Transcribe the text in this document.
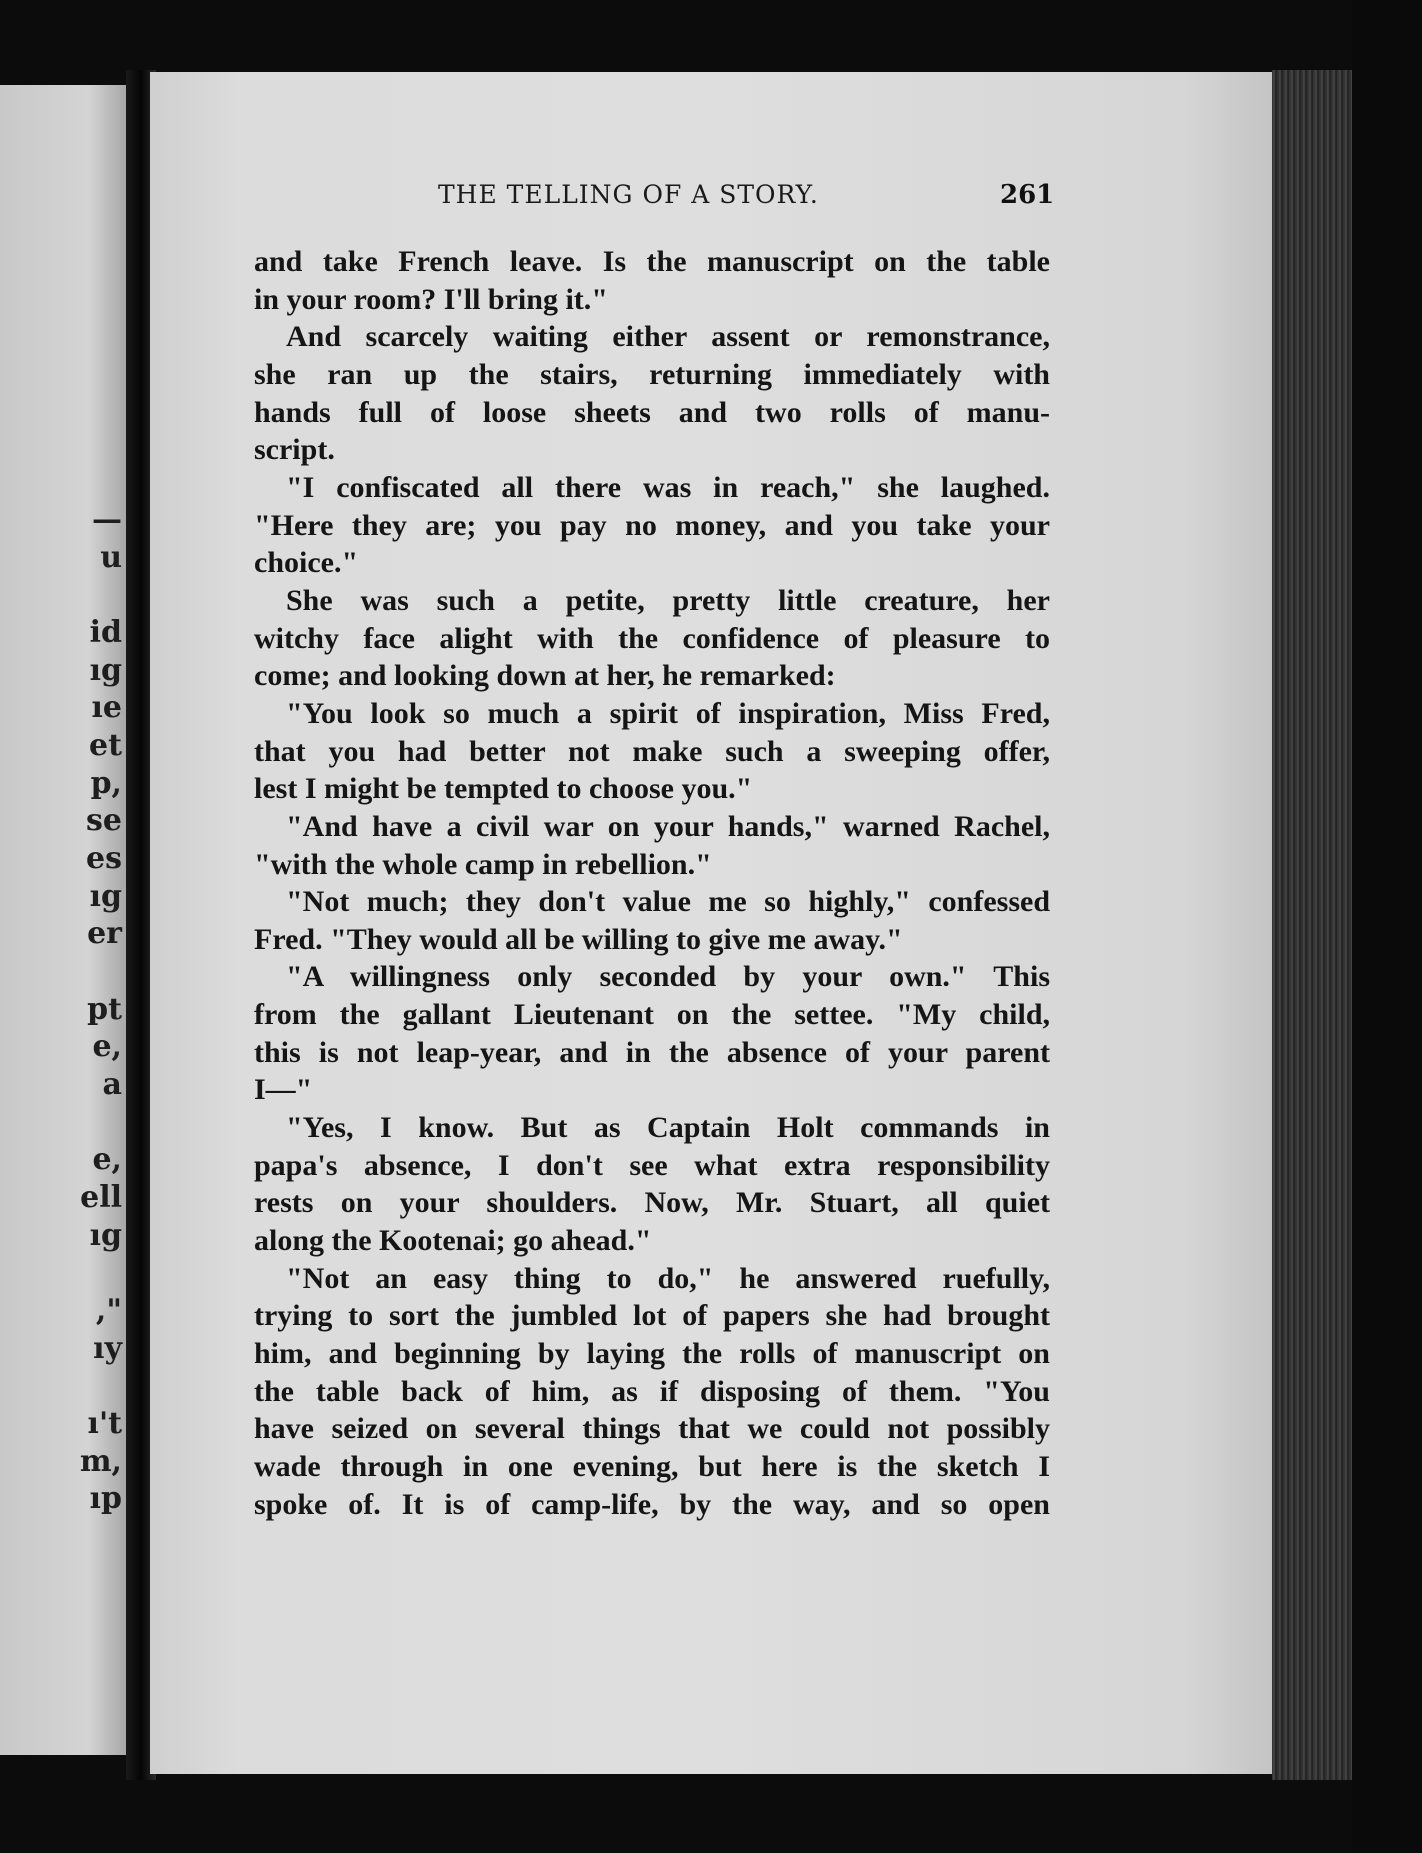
—
u
id
ıg
ıe
et
p,
se
es
ıg
er
pt
e,
a
e,
ell
ıg
,"
ıy
ı't
m,
ıp
THE TELLING OF A STORY.	261
and take French leave. Is the manuscript on the table
in your room? I'll bring it."
And scarcely waiting either assent or remonstrance,
she ran up the stairs, returning immediately with
hands full of loose sheets and two rolls of manu-
script.
"I confiscated all there was in reach," she laughed.
"Here they are; you pay no money, and you take your
choice."
She was such a petite, pretty little creature, her
witchy face alight with the confidence of pleasure to
come; and looking down at her, he remarked:
"You look so much a spirit of inspiration, Miss Fred,
that you had better not make such a sweeping offer,
lest I might be tempted to choose you."
"And have a civil war on your hands," warned Rachel,
"with the whole camp in rebellion."
"Not much; they don't value me so highly," confessed
Fred. "They would all be willing to give me away."
"A willingness only seconded by your own." This
from the gallant Lieutenant on the settee. "My child,
this is not leap-year, and in the absence of your parent
I—"
"Yes, I know. But as Captain Holt commands in
papa's absence, I don't see what extra responsibility
rests on your shoulders. Now, Mr. Stuart, all quiet
along the Kootenai; go ahead."
"Not an easy thing to do," he answered ruefully,
trying to sort the jumbled lot of papers she had brought
him, and beginning by laying the rolls of manuscript on
the table back of him, as if disposing of them. "You
have seized on several things that we could not possibly
wade through in one evening, but here is the sketch I
spoke of. It is of camp-life, by the way, and so open
